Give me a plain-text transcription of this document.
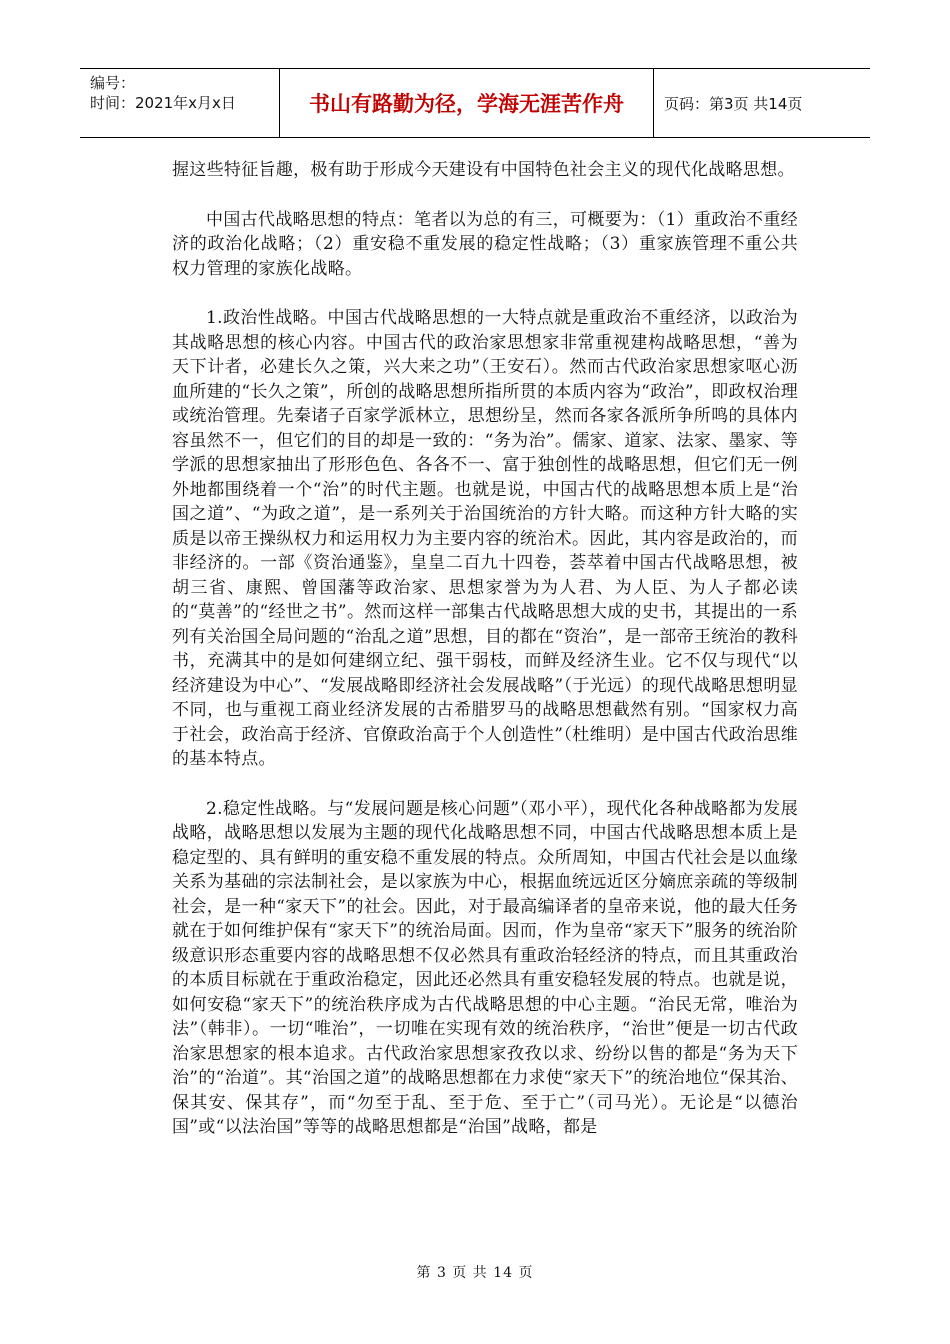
编号：
时间：2021年x月x日	书山有路勤为径，学海无涯苦作舟	页码：第3页 共14页

握这些特征旨趣，极有助于形成今天建设有中国特色社会主义的现代化战略思想。

中国古代战略思想的特点：笔者以为总的有三，可概要为：（1）重政治不重经济的政治化战略；（2）重安稳不重发展的稳定性战略；（3）重家族管理不重公共权力管理的家族化战略。

1.政治性战略。中国古代战略思想的一大特点就是重政治不重经济，以政治为其战略思想的核心内容。中国古代的政治家思想家非常重视建构战略思想，“善为天下计者，必建长久之策，兴大来之功”（王安石）。然而古代政治家思想家呕心沥血所建的“长久之策”，所创的战略思想所指所贯的本质内容为“政治”，即政权治理或统治管理。先秦诸子百家学派林立，思想纷呈，然而各家各派所争所鸣的具体内容虽然不一，但它们的目的却是一致的：“务为治”。儒家、道家、法家、墨家、等学派的思想家抽出了形形色色、各各不一、富于独创性的战略思想，但它们无一例外地都围绕着一个“治”的时代主题。也就是说，中国古代的战略思想本质上是“治国之道”、“为政之道”，是一系列关于治国统治的方针大略。而这种方针大略的实质是以帝王操纵权力和运用权力为主要内容的统治术。因此，其内容是政治的，而非经济的。一部《资治通鉴》，皇皇二百九十四卷，荟萃着中国古代战略思想，被胡三省、康熙、曾国藩等政治家、思想家誉为为人君、为人臣、为人子都必读的“莫善”的“经世之书”。然而这样一部集古代战略思想大成的史书，其提出的一系列有关治国全局问题的“治乱之道”思想，目的都在“资治”，是一部帝王统治的教科书，充满其中的是如何建纲立纪、强干弱枝，而鲜及经济生业。它不仅与现代“以经济建设为中心”、“发展战略即经济社会发展战略”（于光远）的现代战略思想明显不同，也与重视工商业经济发展的古希腊罗马的战略思想截然有别。“国家权力高于社会，政治高于经济、官僚政治高于个人创造性”（杜维明）是中国古代政治思维的基本特点。

2.稳定性战略。与“发展问题是核心问题”（邓小平），现代化各种战略都为发展战略，战略思想以发展为主题的现代化战略思想不同，中国古代战略思想本质上是稳定型的、具有鲜明的重安稳不重发展的特点。众所周知，中国古代社会是以血缘关系为基础的宗法制社会，是以家族为中心，根据血统远近区分嫡庶亲疏的等级制社会，是一种“家天下”的社会。因此，对于最高编译者的皇帝来说，他的最大任务就在于如何维护保有“家天下”的统治局面。因而，作为皇帝“家天下”服务的统治阶级意识形态重要内容的战略思想不仅必然具有重政治轻经济的特点，而且其重政治的本质目标就在于重政治稳定，因此还必然具有重安稳轻发展的特点。也就是说，如何安稳“家天下”的统治秩序成为古代战略思想的中心主题。“治民无常，唯治为法”（韩非）。一切“唯治”，一切唯在实现有效的统治秩序，“治世”便是一切古代政治家思想家的根本追求。古代政治家思想家孜孜以求、纷纷以售的都是“务为天下治”的“治道”。其“治国之道”的战略思想都在力求使“家天下”的统治地位“保其治、保其安、保其存”，而“勿至于乱、至于危、至于亡”（司马光）。无论是“以德治国”或“以法治国”等等的战略思想都是“治国”战略，都是

第 3 页 共 14 页
